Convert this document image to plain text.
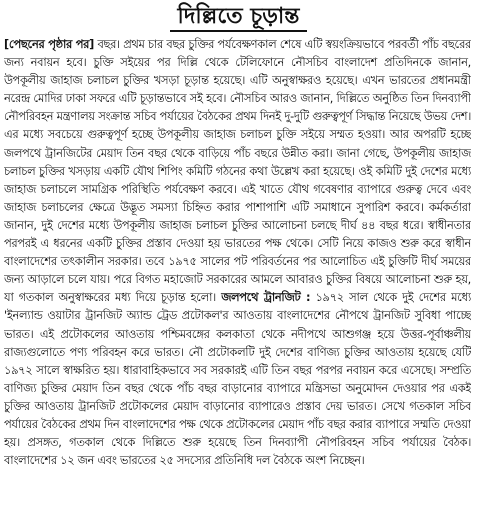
দিল্লিতে চূড়ান্ত

[পেছনের পৃষ্ঠার পর] বছর। প্রথম চার বছর চুক্তির পর্যবেক্ষণকাল শেষে এটি স্বয়ংক্রিয়ভাবে পরবর্তী পাঁচ বছরের জন্য নবায়ন হবে। চুক্তি সইয়ের পর দিল্লি থেকে টেলিফোনে নৌসচিব বাংলাদেশ প্রতিদিনকে জানান, উপকূলীয় জাহাজ চলাচল চুক্তির খসড়া চূড়ান্ত হয়েছে। এটি অনুস্বাক্ষরও হয়েছে। এখন ভারতের প্রধানমন্ত্রী নরেন্দ্র মোদির ঢাকা সফরে এটি চূড়ান্তভাবে সই হবে। নৌসচিব আরও জানান, দিল্লিতে অনুষ্ঠিত তিন দিনব্যাপী নৌপরিবহন মন্ত্রণালয় সংক্রান্ত সচিব পর্যায়ের বৈঠকের প্রথম দিনই দু-দুটি গুরুত্বপূর্ণ সিদ্ধান্ত নিয়েছে উভয় দেশ। এর মধ্যে সবচেয়ে গুরুত্বপূর্ণ হচ্ছে উপকূলীয় জাহাজ চলাচল চুক্তি সইয়ে সম্মত হওয়া। আর অপরটি হচ্ছে জলপথে ট্রানজিটের মেয়াদ তিন বছর থেকে বাড়িয়ে পাঁচ বছরে উন্নীত করা। জানা গেছে, উপকূলীয় জাহাজ চলাচল চুক্তির খসড়ায় একটি যৌথ শিপিং কমিটি গঠনের কথা উল্লেখ করা হয়েছে। ওই কমিটি দুই দেশের মধ্যে জাহাজ চলাচলে সামগ্রিক পরিস্থিতি পর্যবেক্ষণ করবে। এই খাতে যৌথ গবেষণার ব্যাপারে গুরুত্ব দেবে এবং জাহাজ চলাচলের ক্ষেত্রে উদ্ভূত সমস্যা চিহ্নিত করার পাশাপাশি এটি সমাধানে সুপারিশ করবে। কর্মকর্তারা জানান, দুই দেশের মধ্যে উপকূলীয় জাহাজ চলাচল চুক্তির আলোচনা চলছে দীর্ঘ ৪৪ বছর ধরে। স্বাধীনতার পরপরই এ ধরনের একটি চুক্তির প্রস্তাব দেওয়া হয় ভারতের পক্ষ থেকে। সেটি নিয়ে কাজও শুরু করে স্বাধীন বাংলাদেশের তৎকালীন সরকার। তবে ১৯৭৫ সালের পট পরিবর্তনের পর আলোচিত এই চুক্তিটি দীর্ঘ সময়ের জন্য আড়ালে চলে যায়। পরে বিগত মহাজোট সরকারের আমলে আবারও চুক্তির বিষয়ে আলোচনা শুরু হয়, যা গতকাল অনুস্বাক্ষরের মধ্য দিয়ে চূড়ান্ত হলো। জলপথে ট্রানজিট : ১৯৭২ সাল থেকে দুই দেশের মধ্যে 'ইনল্যান্ড ওয়াটার ট্রানজিট অ্যান্ড ট্রেড প্রটোকল'র আওতায় বাংলাদেশের নৌপথে ট্রানজিট সুবিধা পাচ্ছে ভারত। এই প্রটোকলের আওতায় পশ্চিমবঙ্গের কলকাতা থেকে নদীপথে আশুগঞ্জ হয়ে উত্তর-পূর্বাঞ্চলীয় রাজ্যগুলোতে পণ্য পরিবহন করে ভারত। নৌ প্রটোকলটি দুই দেশের বাণিজ্য চুক্তির আওতায় হয়েছে যেটি ১৯৭২ সালে স্বাক্ষরিত হয়। ধারাবাহিকভাবে সব সরকারই এটি তিন বছর পরপর নবায়ন করে এসেছে। সম্প্রতি বাণিজ্য চুক্তির মেয়াদ তিন বছর থেকে পাঁচ বছর বাড়ানোর ব্যাপারে মন্ত্রিসভা অনুমোদন দেওয়ার পর একই চুক্তির আওতায় ট্রানজিট প্রটোকলের মেয়াদ বাড়ানোর ব্যাপারেও প্রস্তাব দেয় ভারত। সেখে গতকাল সচিব পর্যায়ের বৈঠকের প্রথম দিন বাংলাদেশের পক্ষ থেকে প্রটোকলের মেয়াদ পাঁচ বছর করার ব্যাপারে সম্মতি দেওয়া হয়। প্রসঙ্গত, গতকাল থেকে দিল্লিতে শুরু হয়েছে তিন দিনব্যাপী নৌপরিবহন সচিব পর্যায়ের বৈঠক। বাংলাদেশের ১২ জন এবং ভারতের ২৫ সদস্যের প্রতিনিধি দল বৈঠকে অংশ নিচ্ছেন।
